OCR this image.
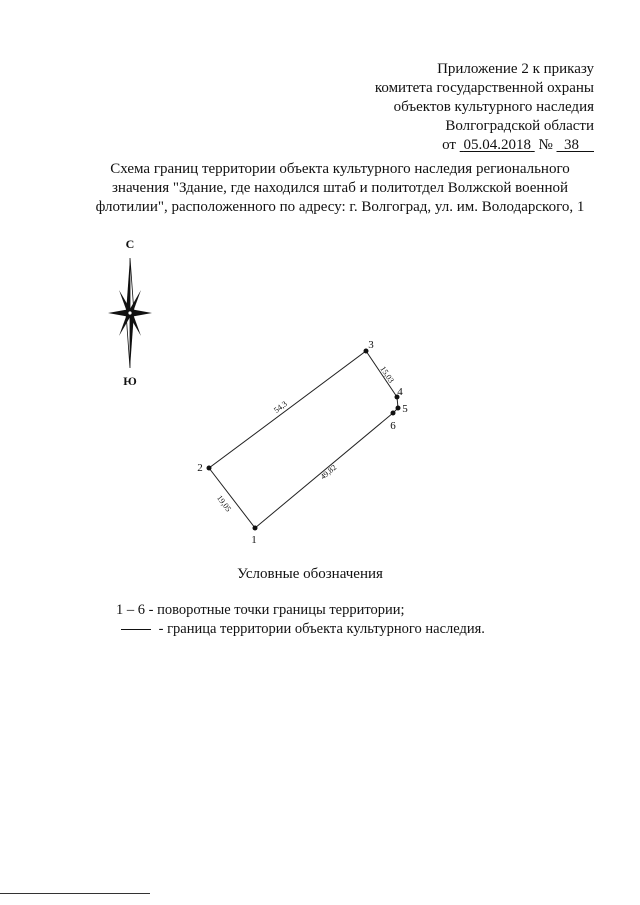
Приложение 2 к приказу
комитета государственной охраны
объектов культурного наследия
Волгоградской области
от 05.04.2018 № 38
Схема границ территории объекта культурного наследия регионального
значения "Здание, где находился штаб и политотдел Волжской военной
флотилии", расположенного по адресу: г. Волгоград, ул. им. Володарского, 1
С
Ю
1
2
3
4
5
6
19,05
54,3
15,03
49,82
Условные обозначения
1 – 6 - поворотные точки границы территории;
- граница территории объекта культурного наследия.
